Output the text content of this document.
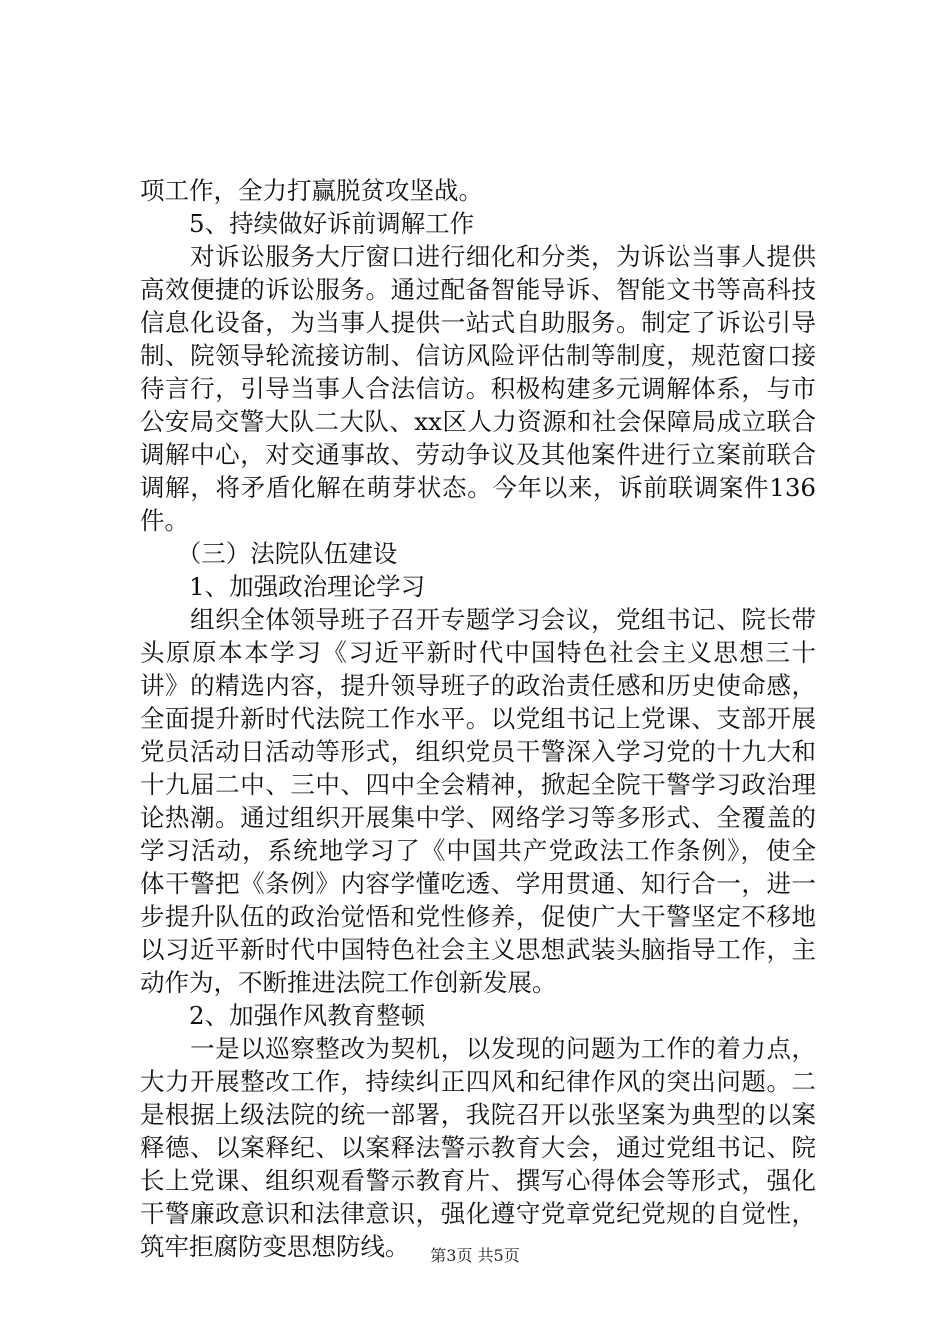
项工作，全力打赢脱贫攻坚战。
　　5、持续做好诉前调解工作
　　对诉讼服务大厅窗口进行细化和分类，为诉讼当事人提供
高效便捷的诉讼服务。通过配备智能导诉、智能文书等高科技
信息化设备，为当事人提供一站式自助服务。制定了诉讼引导
制、院领导轮流接访制、信访风险评估制等制度，规范窗口接
待言行，引导当事人合法信访。积极构建多元调解体系，与市
公安局交警大队二大队、xx区人力资源和社会保障局成立联合
调解中心，对交通事故、劳动争议及其他案件进行立案前联合
调解，将矛盾化解在萌芽状态。今年以来，诉前联调案件136
件。
　　（三）法院队伍建设
　　1、加强政治理论学习
　　组织全体领导班子召开专题学习会议，党组书记、院长带
头原原本本学习《习近平新时代中国特色社会主义思想三十
讲》的精选内容，提升领导班子的政治责任感和历史使命感，
全面提升新时代法院工作水平。以党组书记上党课、支部开展
党员活动日活动等形式，组织党员干警深入学习党的十九大和
十九届二中、三中、四中全会精神，掀起全院干警学习政治理
论热潮。通过组织开展集中学、网络学习等多形式、全覆盖的
学习活动，系统地学习了《中国共产党政法工作条例》，使全
体干警把《条例》内容学懂吃透、学用贯通、知行合一，进一
步提升队伍的政治觉悟和党性修养，促使广大干警坚定不移地
以习近平新时代中国特色社会主义思想武装头脑指导工作，主
动作为，不断推进法院工作创新发展。
　　2、加强作风教育整顿
　　一是以巡察整改为契机，以发现的问题为工作的着力点，
大力开展整改工作，持续纠正四风和纪律作风的突出问题。二
是根据上级法院的统一部署，我院召开以张坚案为典型的以案
释德、以案释纪、以案释法警示教育大会，通过党组书记、院
长上党课、组织观看警示教育片、撰写心得体会等形式，强化
干警廉政意识和法律意识，强化遵守党章党纪党规的自觉性，
筑牢拒腐防变思想防线。	第3页 共5页
